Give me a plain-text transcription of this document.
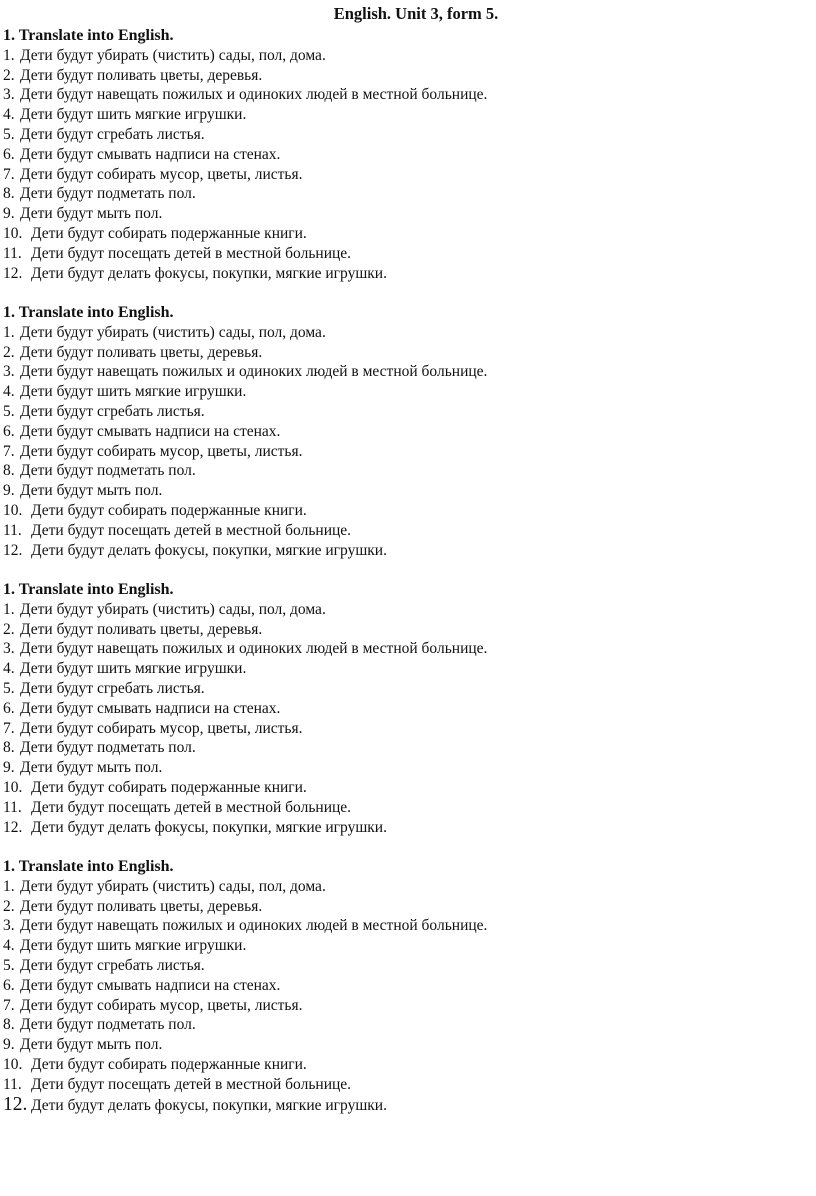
English. Unit 3, form 5.
1. Translate into English.
1. Дети будут убирать (чистить) сады, пол, дома.
2. Дети будут поливать цветы, деревья.
3. Дети будут навещать пожилых и одиноких людей в местной больнице.
4. Дети будут шить мягкие игрушки.
5. Дети будут сгребать листья.
6. Дети будут смывать надписи на стенах.
7. Дети будут собирать мусор, цветы, листья.
8. Дети будут подметать пол.
9. Дети будут мыть пол.
10. Дети будут собирать подержанные книги.
11. Дети будут посещать детей в местной больнице.
12. Дети будут делать фокусы, покупки, мягкие игрушки.
1. Translate into English.
1. Дети будут убирать (чистить) сады, пол, дома.
2. Дети будут поливать цветы, деревья.
3. Дети будут навещать пожилых и одиноких людей в местной больнице.
4. Дети будут шить мягкие игрушки.
5. Дети будут сгребать листья.
6. Дети будут смывать надписи на стенах.
7. Дети будут собирать мусор, цветы, листья.
8. Дети будут подметать пол.
9. Дети будут мыть пол.
10. Дети будут собирать подержанные книги.
11. Дети будут посещать детей в местной больнице.
12. Дети будут делать фокусы, покупки, мягкие игрушки.
1. Translate into English.
1. Дети будут убирать (чистить) сады, пол, дома.
2. Дети будут поливать цветы, деревья.
3. Дети будут навещать пожилых и одиноких людей в местной больнице.
4. Дети будут шить мягкие игрушки.
5. Дети будут сгребать листья.
6. Дети будут смывать надписи на стенах.
7. Дети будут собирать мусор, цветы, листья.
8. Дети будут подметать пол.
9. Дети будут мыть пол.
10. Дети будут собирать подержанные книги.
11. Дети будут посещать детей в местной больнице.
12. Дети будут делать фокусы, покупки, мягкие игрушки.
1. Translate into English.
1. Дети будут убирать (чистить) сады, пол, дома.
2. Дети будут поливать цветы, деревья.
3. Дети будут навещать пожилых и одиноких людей в местной больнице.
4. Дети будут шить мягкие игрушки.
5. Дети будут сгребать листья.
6. Дети будут смывать надписи на стенах.
7. Дети будут собирать мусор, цветы, листья.
8. Дети будут подметать пол.
9. Дети будут мыть пол.
10. Дети будут собирать подержанные книги.
11. Дети будут посещать детей в местной больнице.
12. Дети будут делать фокусы, покупки, мягкие игрушки.
